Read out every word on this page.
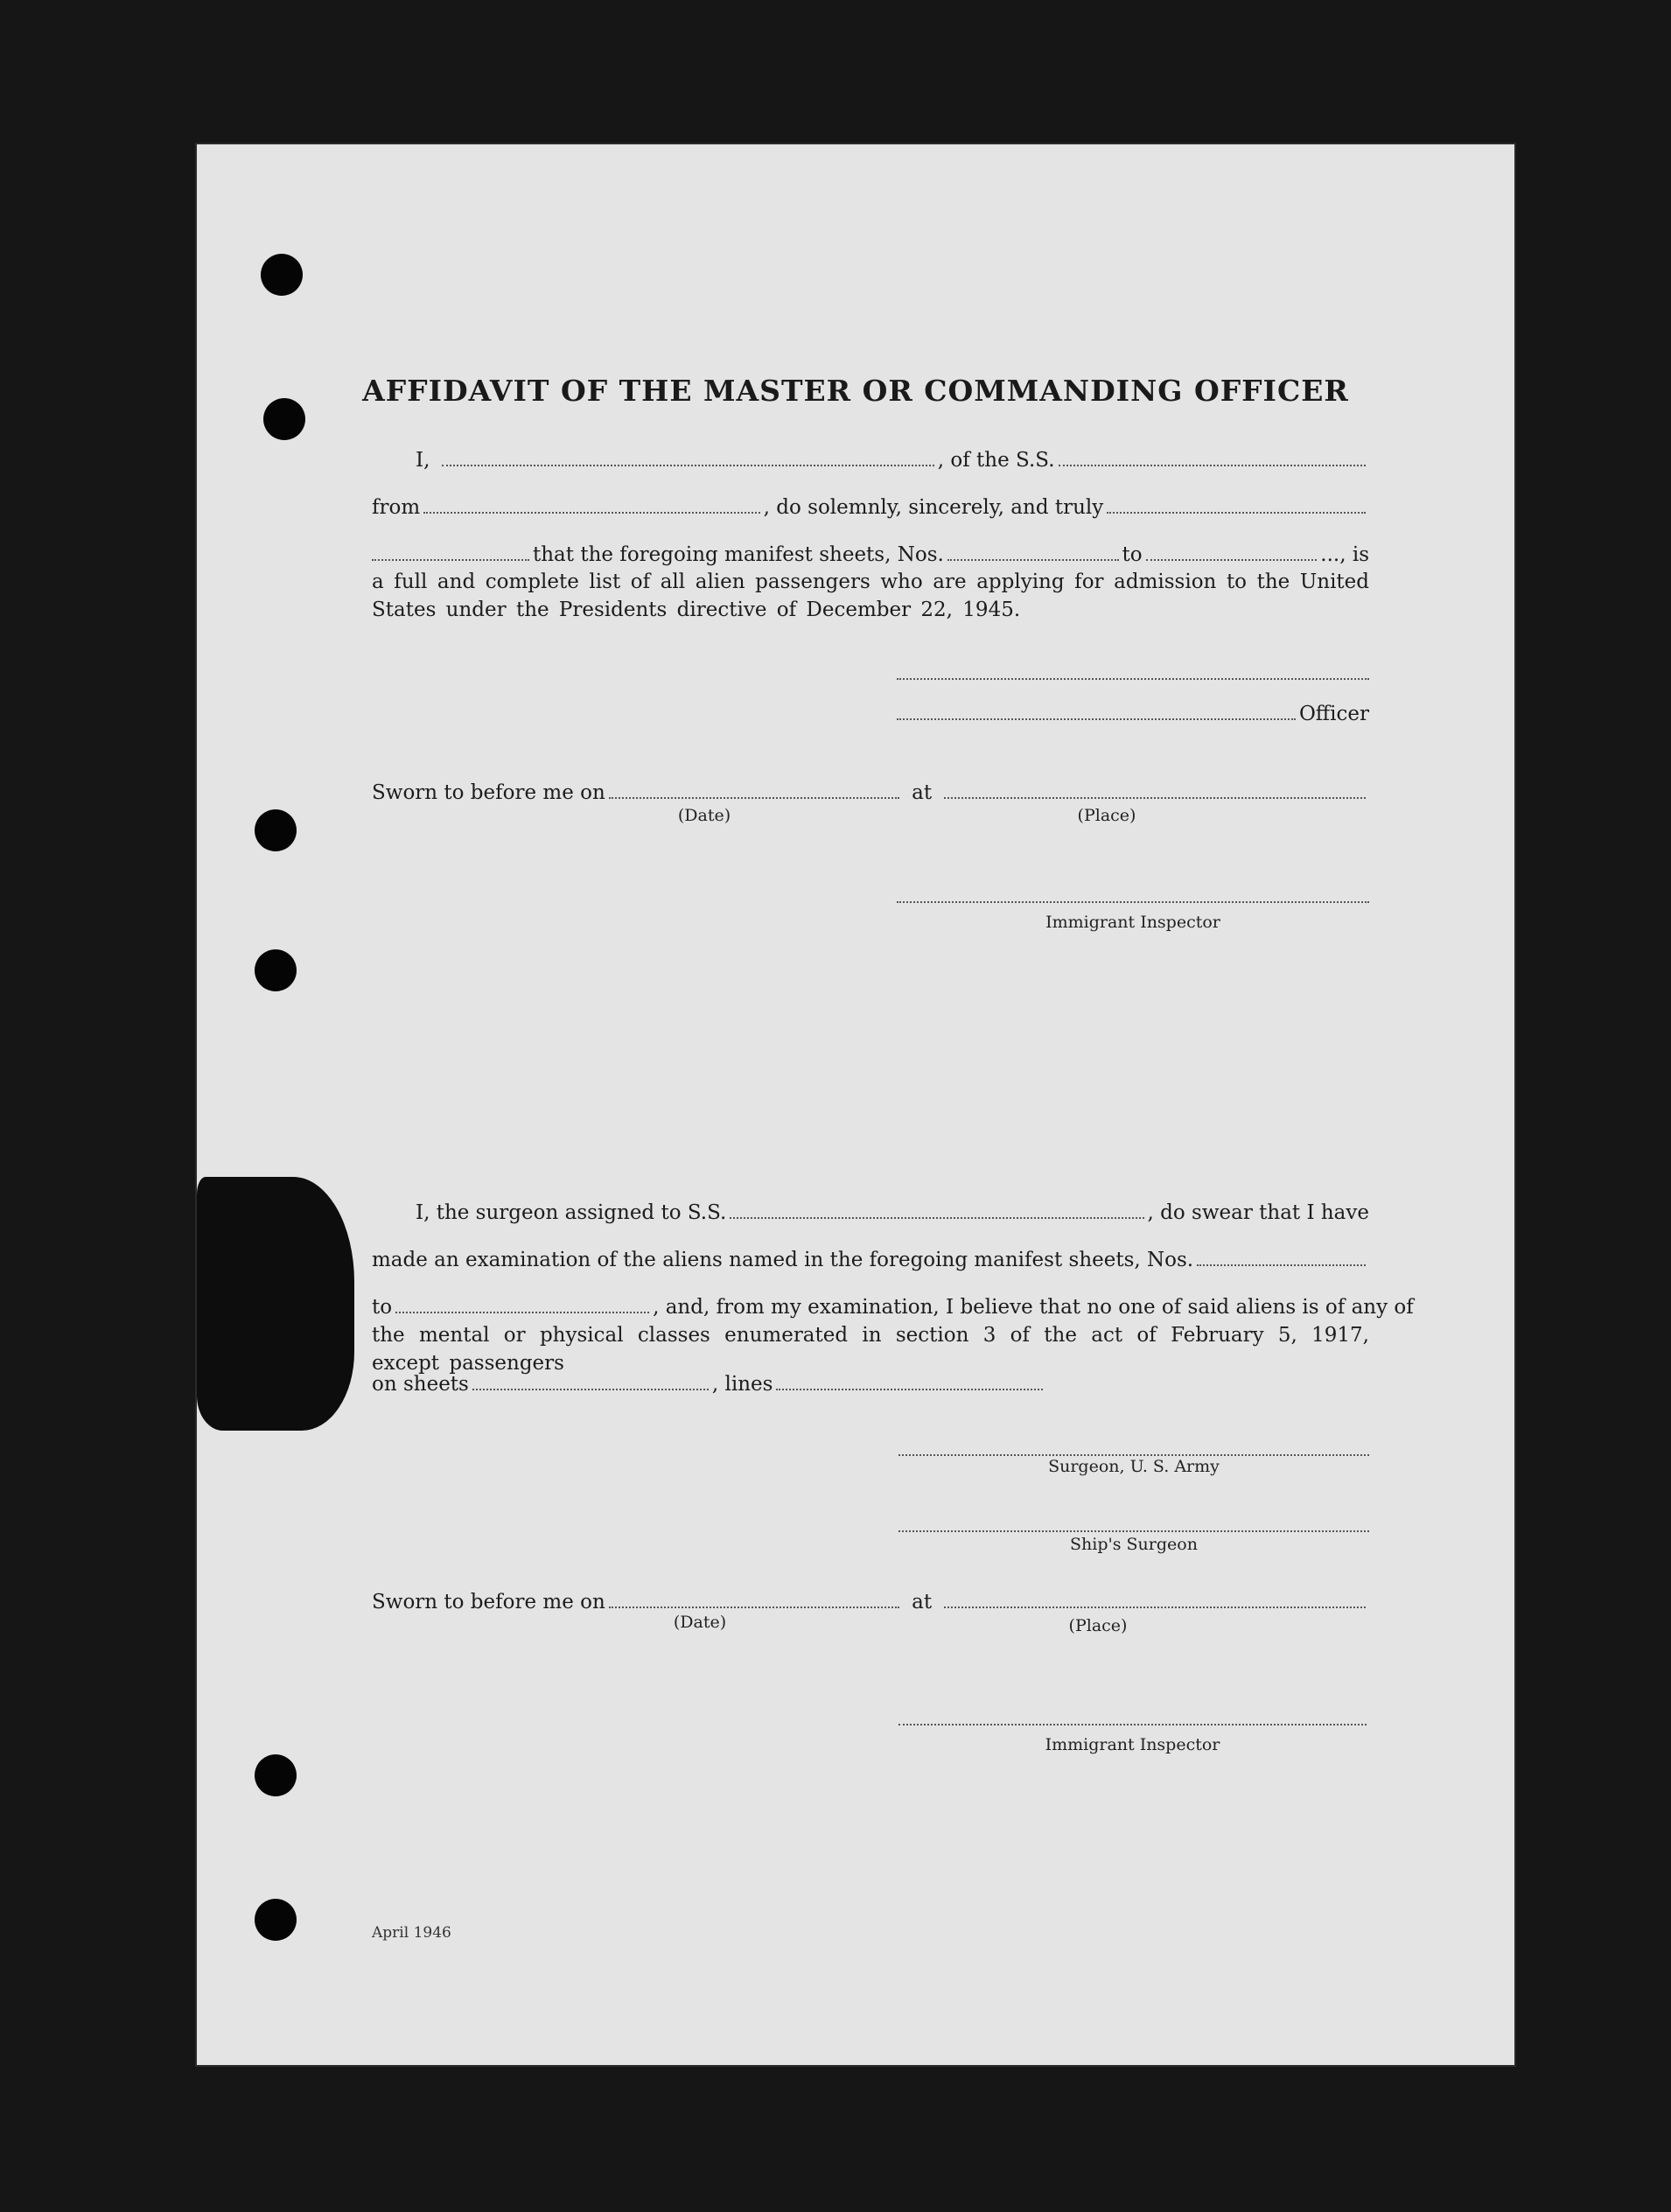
AFFIDAVIT OF THE MASTER OR COMMANDING OFFICER
I,	, of the S.S.
from	, do solemnly, sincerely, and truly
that the foregoing manifest sheets, Nos.	to	..., is
a full and complete list of all alien passengers who are applying for admission to the United States under the Presidents directive of December 22, 1945.
Officer
Sworn to before me on	at
(Date)	(Place)
Immigrant Inspector
I, the surgeon assigned to S.S.	, do swear that I have
made an examination of the aliens named in the foregoing manifest sheets, Nos.
to	, and, from my examination, I believe that no one of said aliens is of any of
the mental or physical classes enumerated in section 3 of the act of February 5, 1917, except passengers
on sheets	, lines
Surgeon, U. S. Army
Ship's Surgeon
Sworn to before me on	at
(Date)	(Place)
Immigrant Inspector
April 1946
